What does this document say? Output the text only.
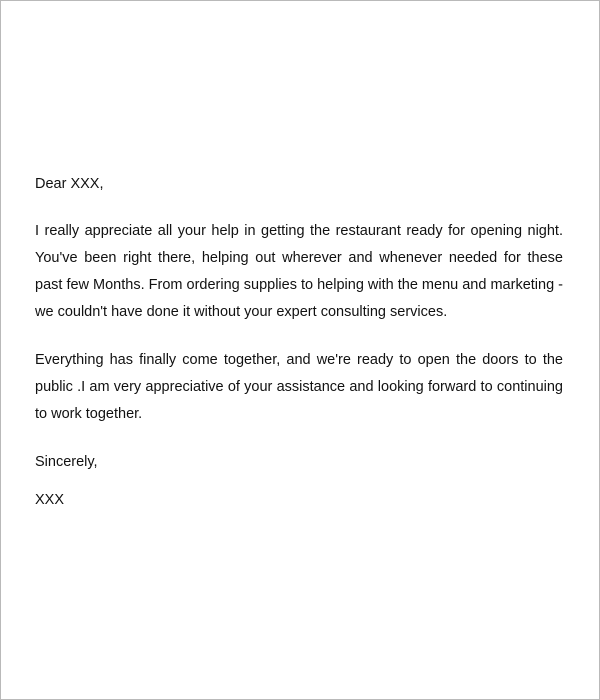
Dear XXX,

I really appreciate all your help in getting the restaurant ready for opening night. You've been right there, helping out wherever and whenever needed for these past few Months. From ordering supplies to helping with the menu and marketing - we couldn't have done it without your expert consulting services.

Everything has finally come together, and we're ready to open the doors to the public .I am very appreciative of your assistance and looking forward to continuing to work together.

Sincerely,

XXX
